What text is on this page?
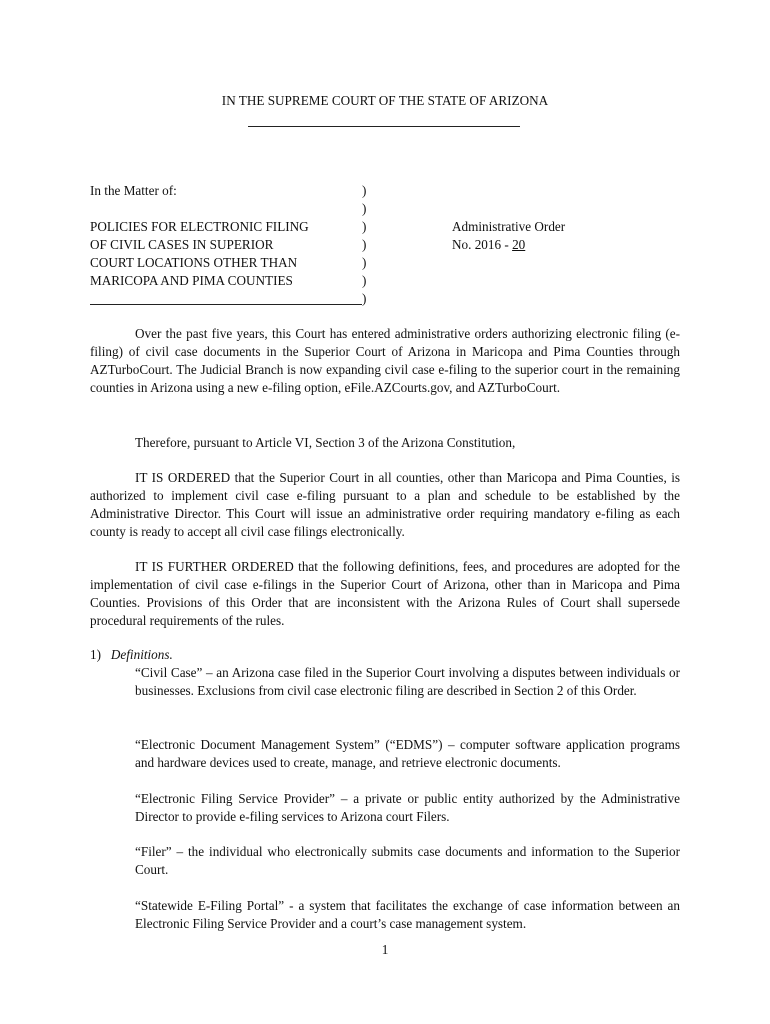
IN THE SUPREME COURT OF THE STATE OF ARIZONA
In the Matter of:
POLICIES FOR ELECTRONIC FILING
OF CIVIL CASES IN SUPERIOR
COURT LOCATIONS OTHER THAN
MARICOPA AND PIMA COUNTIES
)
)
)
)
)
)
)
Administrative Order
No. 2016 - 20
Over the past five years, this Court has entered administrative orders authorizing electronic filing (e-filing) of civil case documents in the Superior Court of Arizona in Maricopa and Pima Counties through AZTurboCourt. The Judicial Branch is now expanding civil case e-filing to the superior court in the remaining counties in Arizona using a new e-filing option, eFile.AZCourts.gov, and AZTurboCourt.
Therefore, pursuant to Article VI, Section 3 of the Arizona Constitution,
IT IS ORDERED that the Superior Court in all counties, other than Maricopa and Pima Counties, is authorized to implement civil case e-filing pursuant to a plan and schedule to be established by the Administrative Director. This Court will issue an administrative order requiring mandatory e-filing as each county is ready to accept all civil case filings electronically.
IT IS FURTHER ORDERED that the following definitions, fees, and procedures are adopted for the implementation of civil case e-filings in the Superior Court of Arizona, other than in Maricopa and Pima Counties. Provisions of this Order that are inconsistent with the Arizona Rules of Court shall supersede procedural requirements of the rules.
1) Definitions.
“Civil Case” – an Arizona case filed in the Superior Court involving a disputes between individuals or businesses. Exclusions from civil case electronic filing are described in Section 2 of this Order.
“Electronic Document Management System” (“EDMS”) – computer software application programs and hardware devices used to create, manage, and retrieve electronic documents.
“Electronic Filing Service Provider” – a private or public entity authorized by the Administrative Director to provide e-filing services to Arizona court Filers.
“Filer” – the individual who electronically submits case documents and information to the Superior Court.
“Statewide E-Filing Portal” - a system that facilitates the exchange of case information between an Electronic Filing Service Provider and a court’s case management system.
1
